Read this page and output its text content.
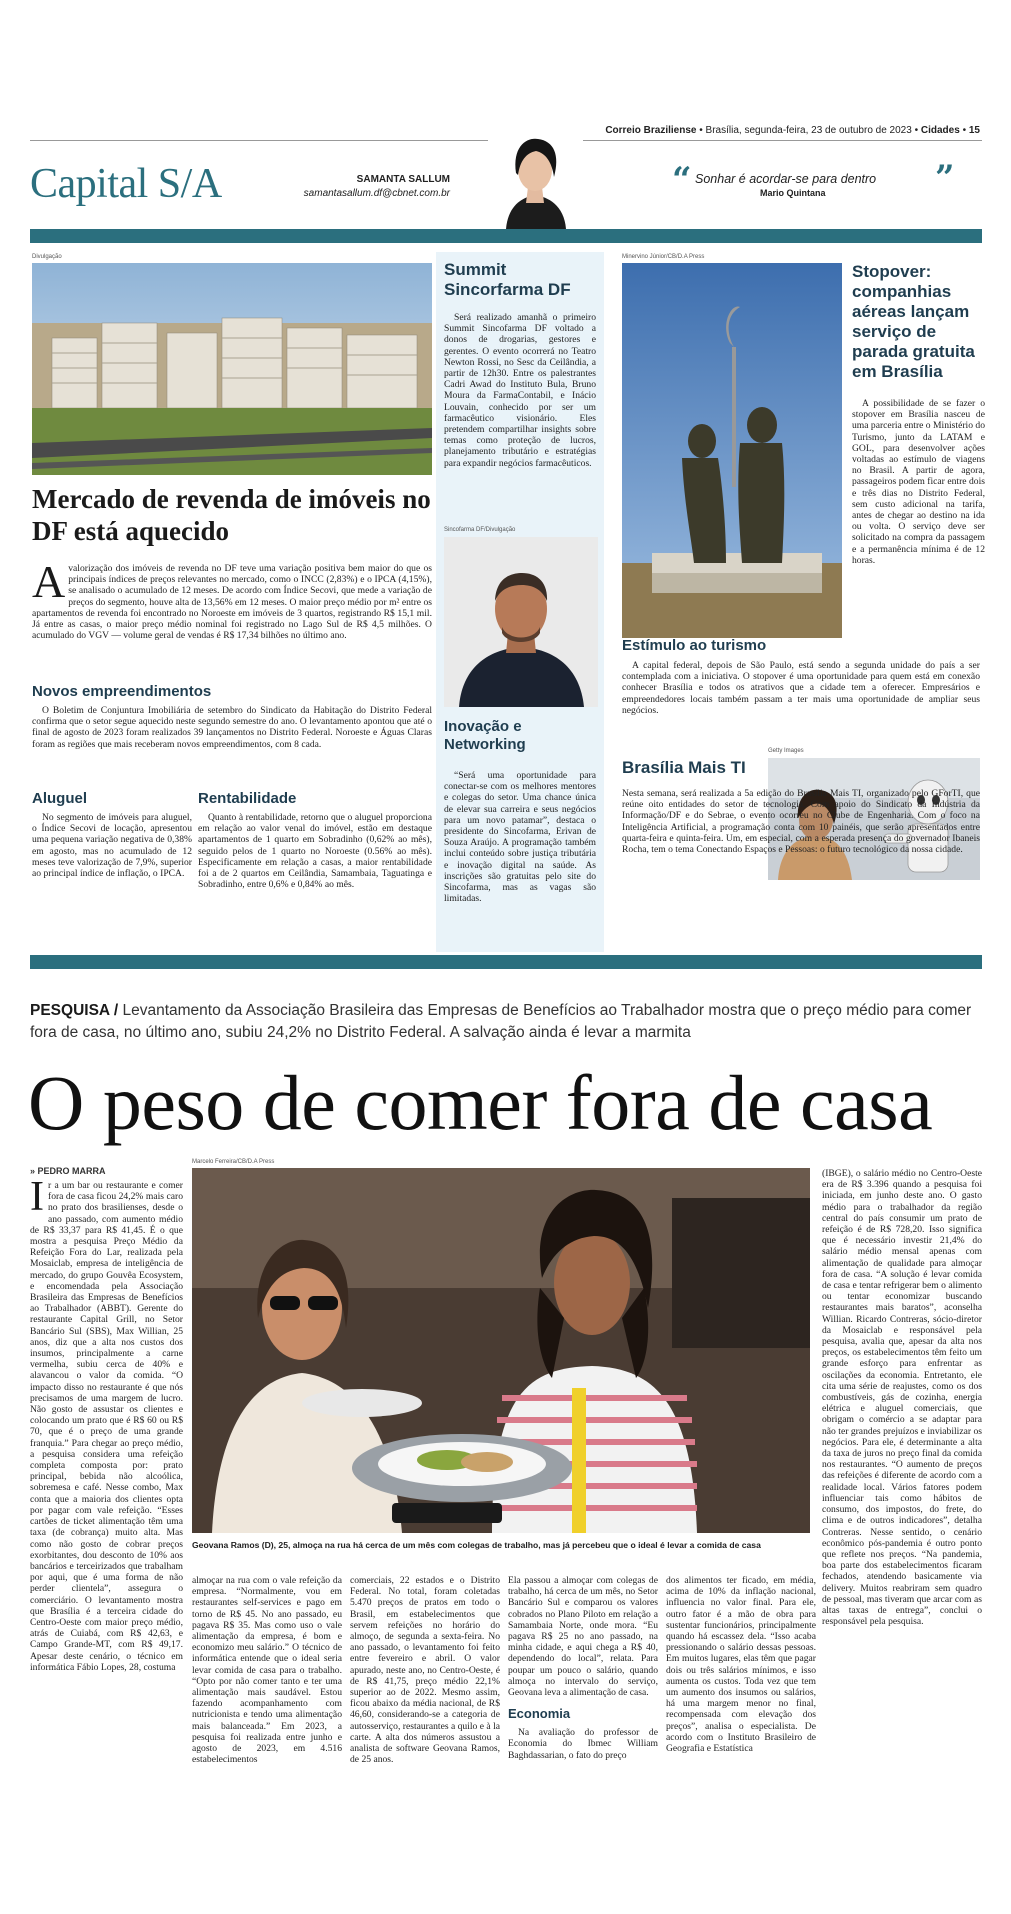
Correio Braziliense • Brasília, segunda-feira, 23 de outubro de 2023 • Cidades • 15
Capital S/A	SAMANTA SALLUM
samantasallum.df@cbnet.com.br	“ Sonhar é acordar-se para dentro
Mario Quintana	”
Divulgação
Mercado de revenda de imóveis no DF está aquecido
A valorização dos imóveis de revenda no DF teve uma variação positiva bem maior do que os principais índices de preços relevantes no mercado, como o INCC (2,83%) e o IPCA (4,15%), se analisado o acumulado de 12 meses. De acordo com Índice Secovi, que mede a variação de preços do segmento, houve alta de 13,56% em 12 meses. O maior preço médio por m² entre os apartamentos de revenda foi encontrado no Noroeste em imóveis de 3 quartos, registrando R$ 15,1 mil. Já entre as casas, o maior preço médio nominal foi registrado no Lago Sul de R$ 4,5 milhões. O acumulado do VGV — volume geral de vendas é R$ 17,34 bilhões no último ano.
Novos empreendimentos

O Boletim de Conjuntura Imobiliária de setembro do Sindicato da Habitação do Distrito Federal confirma que o setor segue aquecido neste segundo semestre do ano. O levantamento apontou que até o final de agosto de 2023 foram realizados 39 lançamentos no Distrito Federal. Noroeste e Águas Claras foram as regiões que mais receberam novos empreendimentos, com 8 cada.

Aluguel

No segmento de imóveis para aluguel, o Índice Secovi de locação, apresentou uma pequena variação negativa de 0,38% em agosto, mas no acumulado de 12 meses teve valorização de 7,9%, superior ao principal índice de inflação, o IPCA.

Rentabilidade

Quanto à rentabilidade, retorno que o aluguel proporciona em relação ao valor venal do imóvel, estão em destaque apartamentos de 1 quarto em Sobradinho (0,62% ao mês), seguido pelos de 1 quarto no Noroeste (0.56% ao mês). Especificamente em relação a casas, a maior rentabilidade foi a de 2 quartos em Ceilândia, Samambaia, Taguatinga e Sobradinho, entre 0,6% e 0,84% ao mês.

Summit Sincorfarma DF

Será realizado amanhã o primeiro Summit Sincofarma DF voltado a donos de drogarias, gestores e gerentes. O evento ocorrerá no Teatro Newton Rossi, no Sesc da Ceilândia, a partir de 12h30. Entre os palestrantes Cadri Awad do Instituto Bula, Bruno Moura da FarmaContabil, e Inácio Louvain, conhecido por ser um farmacêutico visionário. Eles pretendem compartilhar insights sobre temas como proteção de lucros, planejamento tributário e estratégias para expandir negócios farmacêuticos.

Sincofarma DF/Divulgação
Inovação e Networking

“Será uma oportunidade para conectar-se com os melhores mentores e colegas do setor. Uma chance única de elevar sua carreira e seus negócios para um novo patamar”, destaca o presidente do Sincofarma, Erivan de Souza Araújo. A programação também inclui conteúdo sobre justiça tributária e inovação digital na saúde. As inscrições são gratuitas pelo site do Sincofarma, mas as vagas são limitadas.

Minervino Júnior/CB/D.A Press
Stopover: companhias aéreas lançam serviço de parada gratuita em Brasília

A possibilidade de se fazer o stopover em Brasília nasceu de uma parceria entre o Ministério do Turismo, junto da LATAM e GOL, para desenvolver ações voltadas ao estímulo de viagens no Brasil. A partir de agora, passageiros podem ficar entre dois e três dias no Distrito Federal, sem custo adicional na tarifa, antes de chegar ao destino na ida ou volta. O serviço deve ser solicitado na compra da passagem e a permanência mínima é de 12 horas.

Estímulo ao turismo

A capital federal, depois de São Paulo, está sendo a segunda unidade do país a ser contemplada com a iniciativa. O stopover é uma oportunidade para quem está em conexão conhecer Brasília e todos os atrativos que a cidade tem a oferecer. Empresários e empreendedores locais também passam a ter mais uma oportunidade de ampliar seus negócios.

Brasília Mais TI
Getty Images

Nesta semana, será realizada a 5a edição do Brasília Mais TI, organizado pelo GForTI, que reúne oito entidades do setor de tecnologia. Com apoio do Sindicato da Indústria da Informação/DF e do Sebrae, o evento ocorreu no Clube de Engenharia. Com o foco na Inteligência Artificial, a programação conta com 10 painéis, que serão apresentados entre quarta-feira e quinta-feira. Um, em especial, com a esperada presença do governador Ibaneis Rocha, tem o tema Conectando Espaços e Pessoas: o futuro tecnológico da nossa cidade.

PESQUISA / Levantamento da Associação Brasileira das Empresas de Benefícios ao Trabalhador mostra que o preço médio para comer fora de casa, no último ano, subiu 24,2% no Distrito Federal. A salvação ainda é levar a marmita
O peso de comer fora de casa
» PEDRO MARRA
Marcelo Ferreira/CB/D.A Press
Geovana Ramos (D), 25, almoça na rua há cerca de um mês com colegas de trabalho, mas já percebeu que o ideal é levar a comida de casa
I r a um bar ou restaurante e comer fora de casa ficou 24,2% mais caro no prato dos brasilienses, desde o ano passado, com aumento médio de R$ 33,37 para R$ 41,45. É o que mostra a pesquisa Preço Médio da Refeição Fora do Lar, realizada pela Mosaiclab, empresa de inteligência de mercado, do grupo Gouvêa Ecosystem, e encomendada pela Associação Brasileira das Empresas de Benefícios ao Trabalhador (ABBT). Gerente do restaurante Capital Grill, no Setor Bancário Sul (SBS), Max Willian, 25 anos, diz que a alta nos custos dos insumos, principalmente a carne vermelha, subiu cerca de 40% e alavancou o valor da comida. “O impacto disso no restaurante é que nós precisamos de uma margem de lucro. Não gosto de assustar os clientes e colocando um prato que é R$ 60 ou R$ 70, que é o preço de uma grande franquia.” Para chegar ao preço médio, a pesquisa considera uma refeição completa composta por: prato principal, bebida não alcoólica, sobremesa e café. Nesse combo, Max conta que a maioria dos clientes opta por pagar com vale refeição. “Esses cartões de ticket alimentação têm uma taxa (de cobrança) muito alta. Mas como não gosto de cobrar preços exorbitantes, dou desconto de 10% aos bancários e terceirizados que trabalham por aqui, que é uma forma de não perder clientela”, assegura o comerciário. O levantamento mostra que Brasília é a terceira cidade do Centro-Oeste com maior preço médio, atrás de Cuiabá, com R$ 42,63, e Campo Grande-MT, com R$ 49,17. Apesar deste cenário, o técnico em informática Fábio Lopes, 28, costuma
almoçar na rua com o vale refeição da empresa. “Normalmente, vou em restaurantes self-services e pago em torno de R$ 45. No ano passado, eu pagava R$ 35. Mas como uso o vale alimentação da empresa, é bom e economizo meu salário.” O técnico de informática entende que o ideal seria levar comida de casa para o trabalho. “Opto por não comer tanto e ter uma alimentação mais saudável. Estou fazendo acompanhamento com nutricionista e tendo uma alimentação mais balanceada.” Em 2023, a pesquisa foi realizada entre junho e agosto de 2023, em 4.516 estabelecimentos
comerciais, 22 estados e o Distrito Federal. No total, foram coletadas 5.470 preços de pratos em todo o Brasil, em estabelecimentos que servem refeições no horário do almoço, de segunda a sexta-feira. No ano passado, o levantamento foi feito entre fevereiro e abril. O valor apurado, neste ano, no Centro-Oeste, é de R$ 41,75, preço médio 22,1% superior ao de 2022. Mesmo assim, ficou abaixo da média nacional, de R$ 46,60, considerando-se a categoria de autosserviço, restaurantes a quilo e à la carte. A alta dos números assustou a analista de software Geovana Ramos, de 25 anos.
Ela passou a almoçar com colegas de trabalho, há cerca de um mês, no Setor Bancário Sul e comparou os valores cobrados no Plano Piloto em relação a Samambaia Norte, onde mora. “Eu pagava R$ 25 no ano passado, na minha cidade, e aqui chega a R$ 40, dependendo do local”, relata. Para poupar um pouco o salário, quando almoça no intervalo do serviço, Geovana leva a alimentação de casa.
Economia

Na avaliação do professor de Economia do Ibmec William Baghdassarian, o fato do preço

dos alimentos ter ficado, em média, acima de 10% da inflação nacional, influencia no valor final. Para ele, outro fator é a mão de obra para sustentar funcionários, principalmente quando há escassez dela. “Isso acaba pressionando o salário dessas pessoas. Em muitos lugares, elas têm que pagar dois ou três salários mínimos, e isso aumenta os custos. Toda vez que tem um aumento dos insumos ou salários, há uma margem menor no final, recompensada com elevação dos preços”, analisa o especialista. De acordo com o Instituto Brasileiro de Geografia e Estatística
(IBGE), o salário médio no Centro-Oeste era de R$ 3.396 quando a pesquisa foi iniciada, em junho deste ano. O gasto médio para o trabalhador da região central do país consumir um prato de refeição é de R$ 728,20. Isso significa que é necessário investir 21,4% do salário médio mensal apenas com alimentação de qualidade para almoçar fora de casa. “A solução é levar comida de casa e tentar refrigerar bem o alimento ou tentar economizar buscando restaurantes mais baratos”, aconselha Willian. Ricardo Contreras, sócio-diretor da Mosaiclab e responsável pela pesquisa, avalia que, apesar da alta nos preços, os estabelecimentos têm feito um grande esforço para enfrentar as oscilações da economia. Entretanto, ele cita uma série de reajustes, como os dos combustíveis, gás de cozinha, energia elétrica e aluguel comerciais, que obrigam o comércio a se adaptar para não ter grandes prejuízos e inviabilizar os negócios. Para ele, é determinante a alta da taxa de juros no preço final da comida nos restaurantes. “O aumento de preços das refeições é diferente de acordo com a realidade local. Vários fatores podem influenciar tais como hábitos de consumo, dos impostos, do frete, do clima e de outros indicadores”, detalha Contreras. Nesse sentido, o cenário econômico pós-pandemia é outro ponto que reflete nos preços. “Na pandemia, boa parte dos estabelecimentos ficaram fechados, atendendo basicamente via delivery. Muitos reabriram sem quadro de pessoal, mas tiveram que arcar com as altas taxas de entrega”, conclui o responsável pela pesquisa.
